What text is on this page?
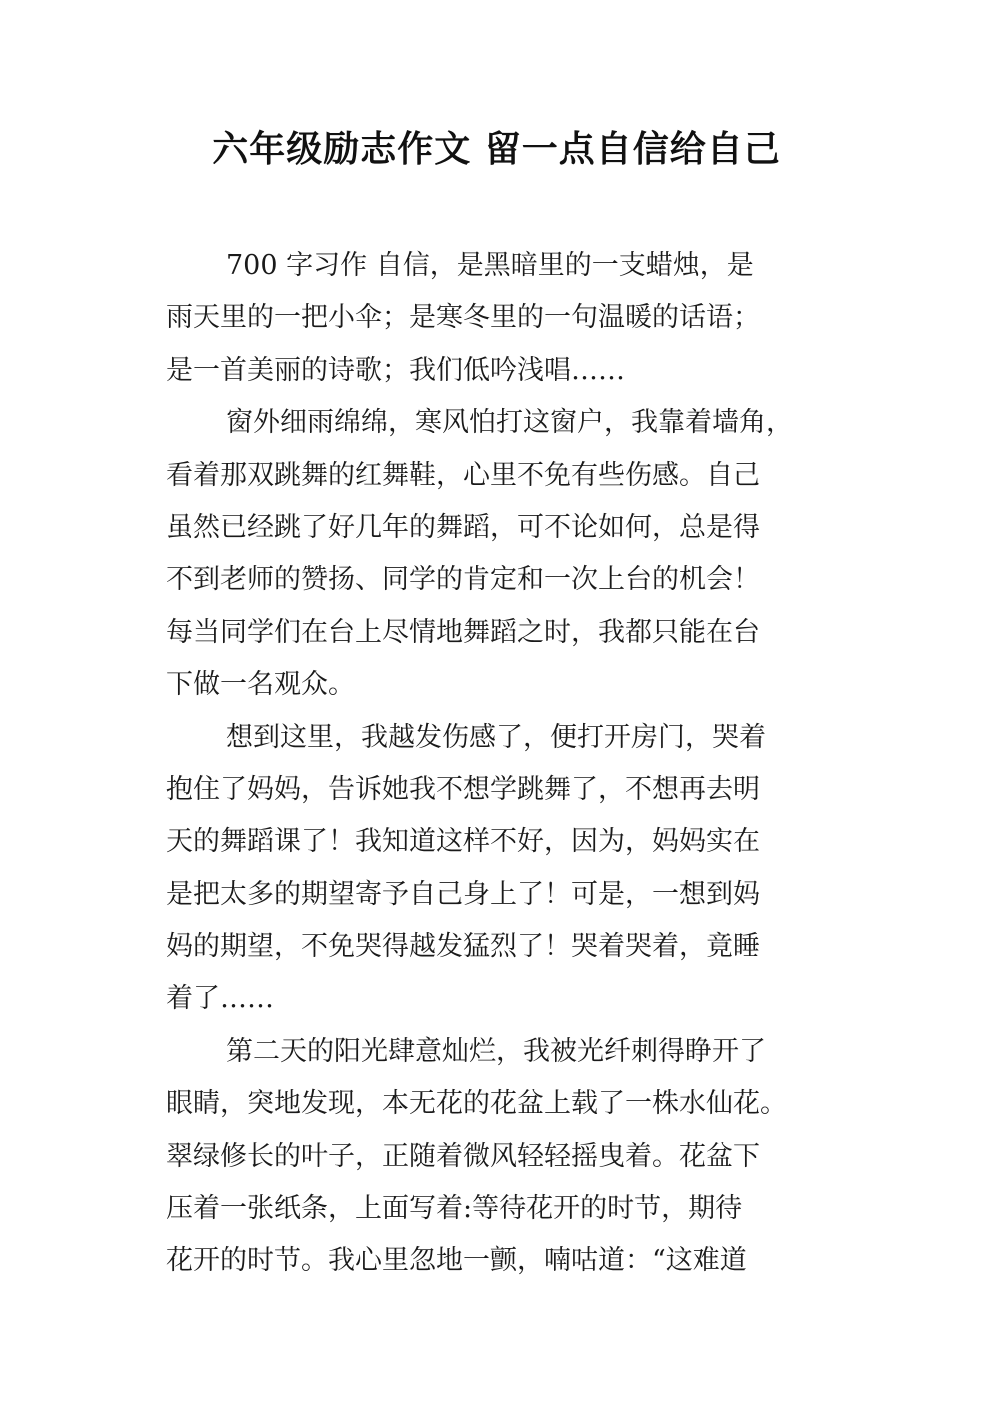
六年级励志作文 留一点自信给自己
700 字习作 自信，是黑暗里的一支蜡烛，是
雨天里的一把小伞；是寒冬里的一句温暖的话语；
是一首美丽的诗歌；我们低吟浅唱……
窗外细雨绵绵，寒风怕打这窗户，我靠着墙角，
看着那双跳舞的红舞鞋，心里不免有些伤感。自己
虽然已经跳了好几年的舞蹈，可不论如何，总是得
不到老师的赞扬、同学的肯定和一次上台的机会！
每当同学们在台上尽情地舞蹈之时，我都只能在台
下做一名观众。
想到这里，我越发伤感了，便打开房门，哭着
抱住了妈妈，告诉她我不想学跳舞了，不想再去明
天的舞蹈课了！我知道这样不好，因为，妈妈实在
是把太多的期望寄予自己身上了！可是，一想到妈
妈的期望，不免哭得越发猛烈了！哭着哭着，竟睡
着了……
第二天的阳光肆意灿烂，我被光纤刺得睁开了
眼睛，突地发现，本无花的花盆上载了一株水仙花。
翠绿修长的叶子，正随着微风轻轻摇曳着。花盆下
压着一张纸条，上面写着:等待花开的时节，期待
花开的时节。我心里忽地一颤，喃咕道：“这难道
